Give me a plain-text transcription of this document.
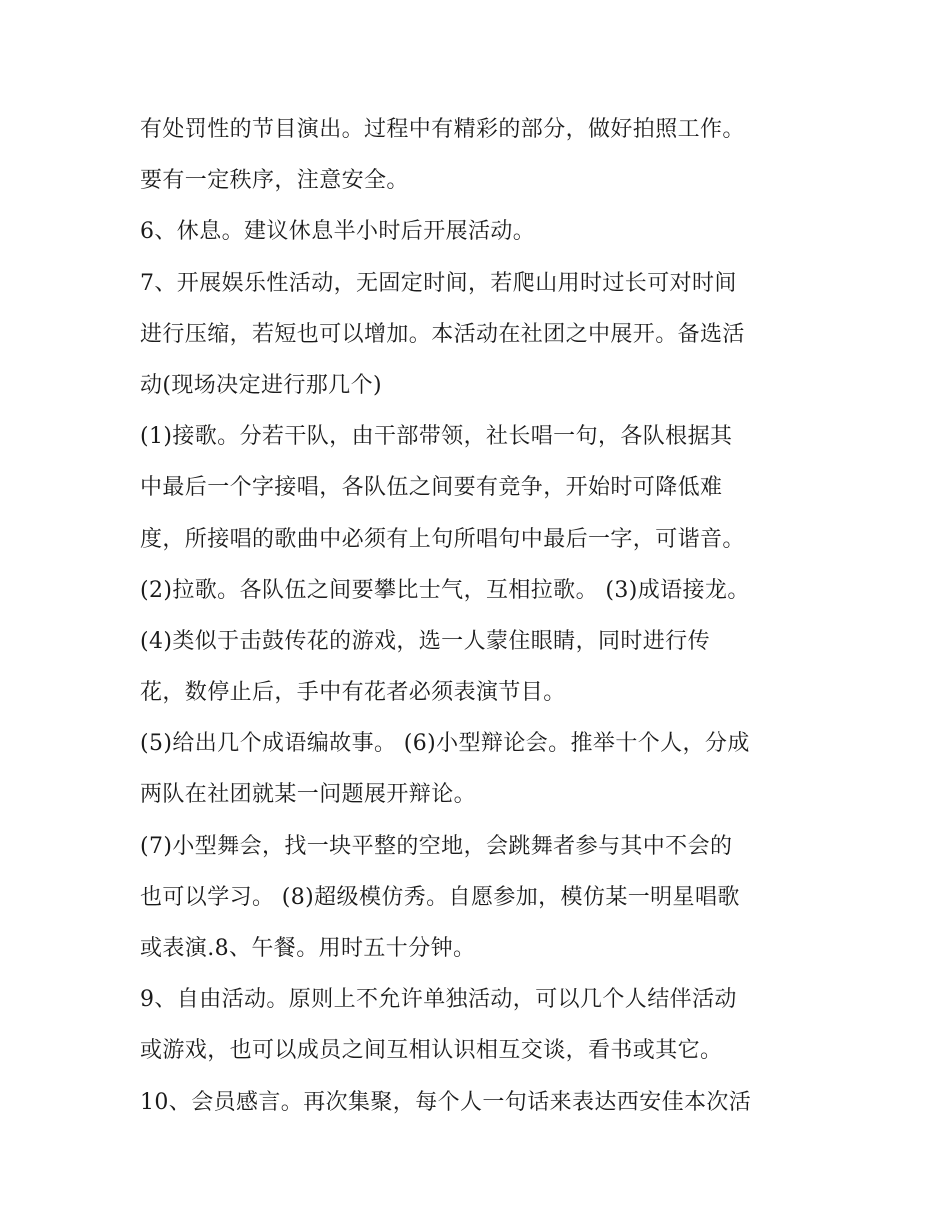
有处罚性的节目演出。过程中有精彩的部分，做好拍照工作。
要有一定秩序，注意安全。
6、休息。建议休息半小时后开展活动。
7、开展娱乐性活动，无固定时间，若爬山用时过长可对时间
进行压缩，若短也可以增加。本活动在社团之中展开。备选活
动(现场决定进行那几个)
(1)接歌。分若干队，由干部带领，社长唱一句，各队根据其
中最后一个字接唱，各队伍之间要有竞争，开始时可降低难
度，所接唱的歌曲中必须有上句所唱句中最后一字，可谐音。
(2)拉歌。各队伍之间要攀比士气，互相拉歌。 (3)成语接龙。
(4)类似于击鼓传花的游戏，选一人蒙住眼睛，同时进行传
花，数停止后，手中有花者必须表演节目。
(5)给出几个成语编故事。 (6)小型辩论会。推举十个人，分成
两队在社团就某一问题展开辩论。
(7)小型舞会，找一块平整的空地，会跳舞者参与其中不会的
也可以学习。 (8)超级模仿秀。自愿参加，模仿某一明星唱歌
或表演.8、午餐。用时五十分钟。
9、自由活动。原则上不允许单独活动，可以几个人结伴活动
或游戏，也可以成员之间互相认识相互交谈，看书或其它。
10、会员感言。再次集聚，每个人一句话来表达西安佳本次活
